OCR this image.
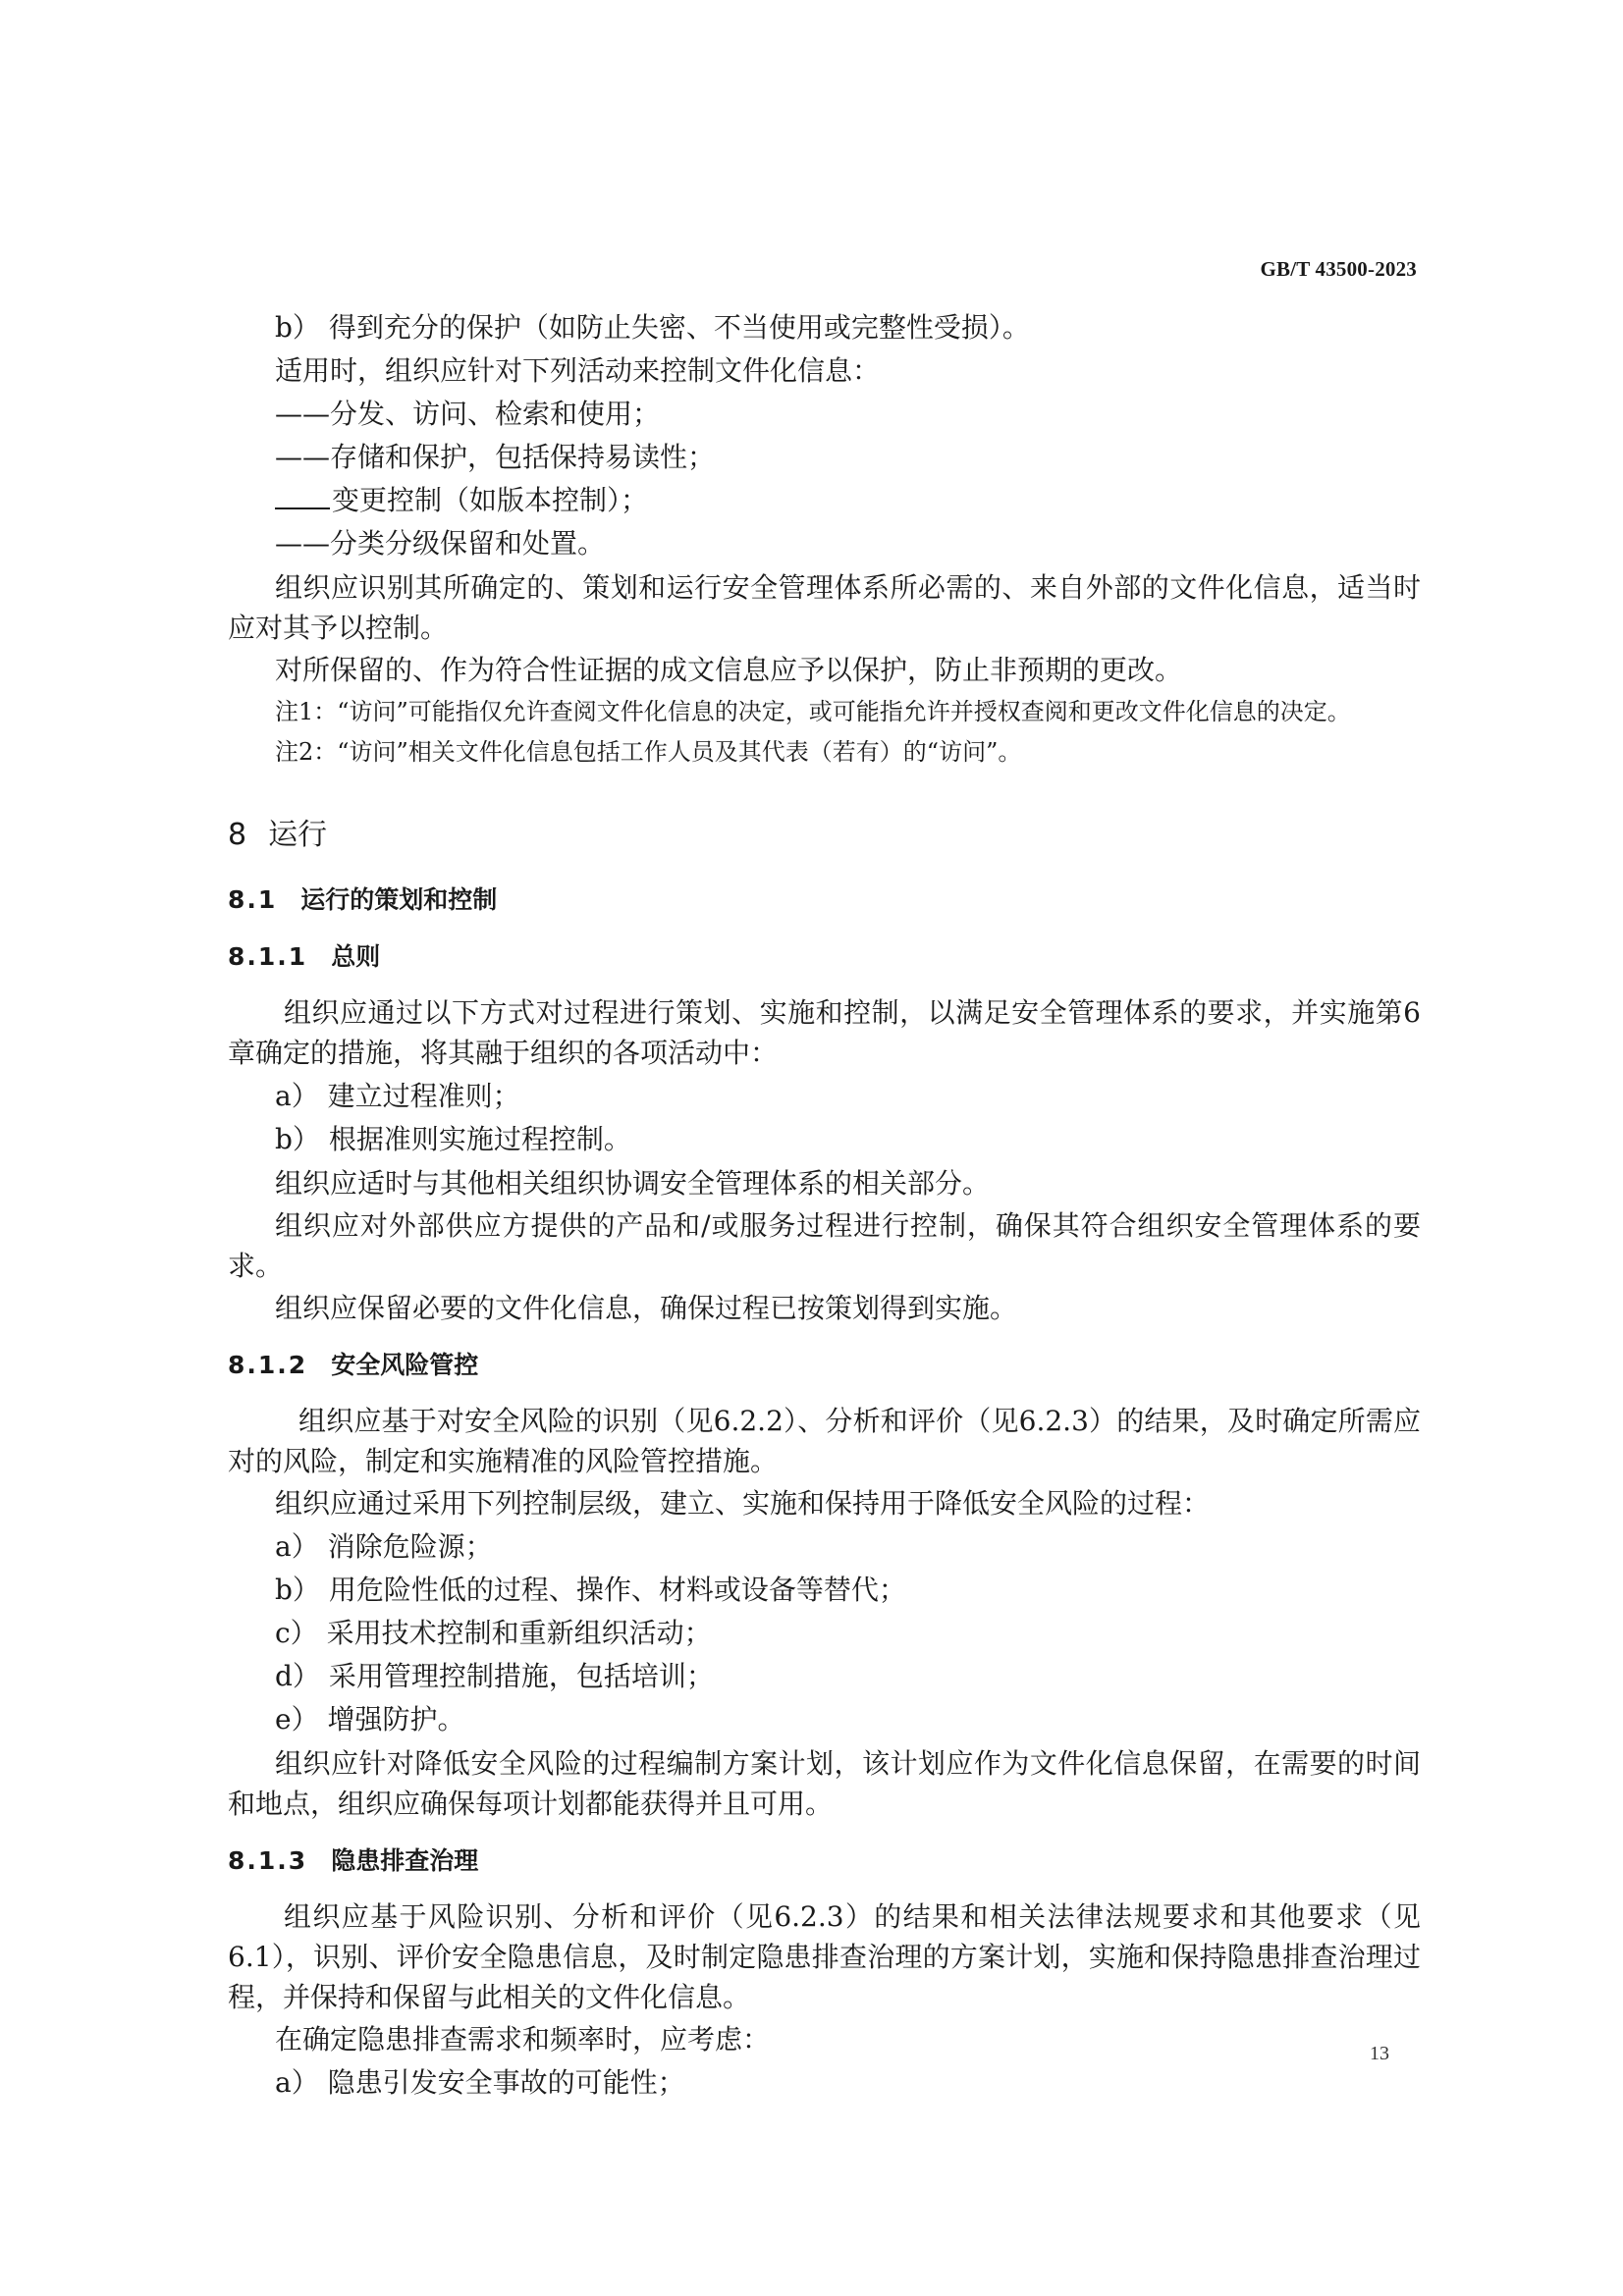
GB/T 43500-2023
b） 得到充分的保护（如防止失密、不当使用或完整性受损）。
适用时，组织应针对下列活动来控制文件化信息：
——分发、访问、检索和使用；
——存储和保护，包括保持易读性；
变更控制（如版本控制）；
——分类分级保留和处置。
组织应识别其所确定的、策划和运行安全管理体系所必需的、来自外部的文件化信息，适当时应对其予以控制。
对所保留的、作为符合性证据的成文信息应予以保护，防止非预期的更改。
注1：“访问”可能指仅允许查阅文件化信息的决定，或可能指允许并授权查阅和更改文件化信息的决定。
注2：“访问”相关文件化信息包括工作人员及其代表（若有）的“访问”。
8 运行
8.1 运行的策划和控制
8.1.1 总则
组织应通过以下方式对过程进行策划、实施和控制，以满足安全管理体系的要求，并实施第6章确定的措施，将其融于组织的各项活动中：
a） 建立过程准则；
b） 根据准则实施过程控制。
组织应适时与其他相关组织协调安全管理体系的相关部分。
组织应对外部供应方提供的产品和/或服务过程进行控制，确保其符合组织安全管理体系的要求。
组织应保留必要的文件化信息，确保过程已按策划得到实施。
8.1.2 安全风险管控
组织应基于对安全风险的识别（见6.2.2）、分析和评价（见6.2.3）的结果，及时确定所需应对的风险，制定和实施精准的风险管控措施。
组织应通过采用下列控制层级，建立、实施和保持用于降低安全风险的过程：
a） 消除危险源；
b） 用危险性低的过程、操作、材料或设备等替代；
c） 采用技术控制和重新组织活动；
d） 采用管理控制措施，包括培训；
e） 增强防护。
组织应针对降低安全风险的过程编制方案计划，该计划应作为文件化信息保留，在需要的时间和地点，组织应确保每项计划都能获得并且可用。
8.1.3 隐患排查治理
组织应基于风险识别、分析和评价（见6.2.3）的结果和相关法律法规要求和其他要求（见6.1），识别、评价安全隐患信息，及时制定隐患排查治理的方案计划，实施和保持隐患排查治理过程，并保持和保留与此相关的文件化信息。
在确定隐患排查需求和频率时，应考虑：
a） 隐患引发安全事故的可能性；
13
